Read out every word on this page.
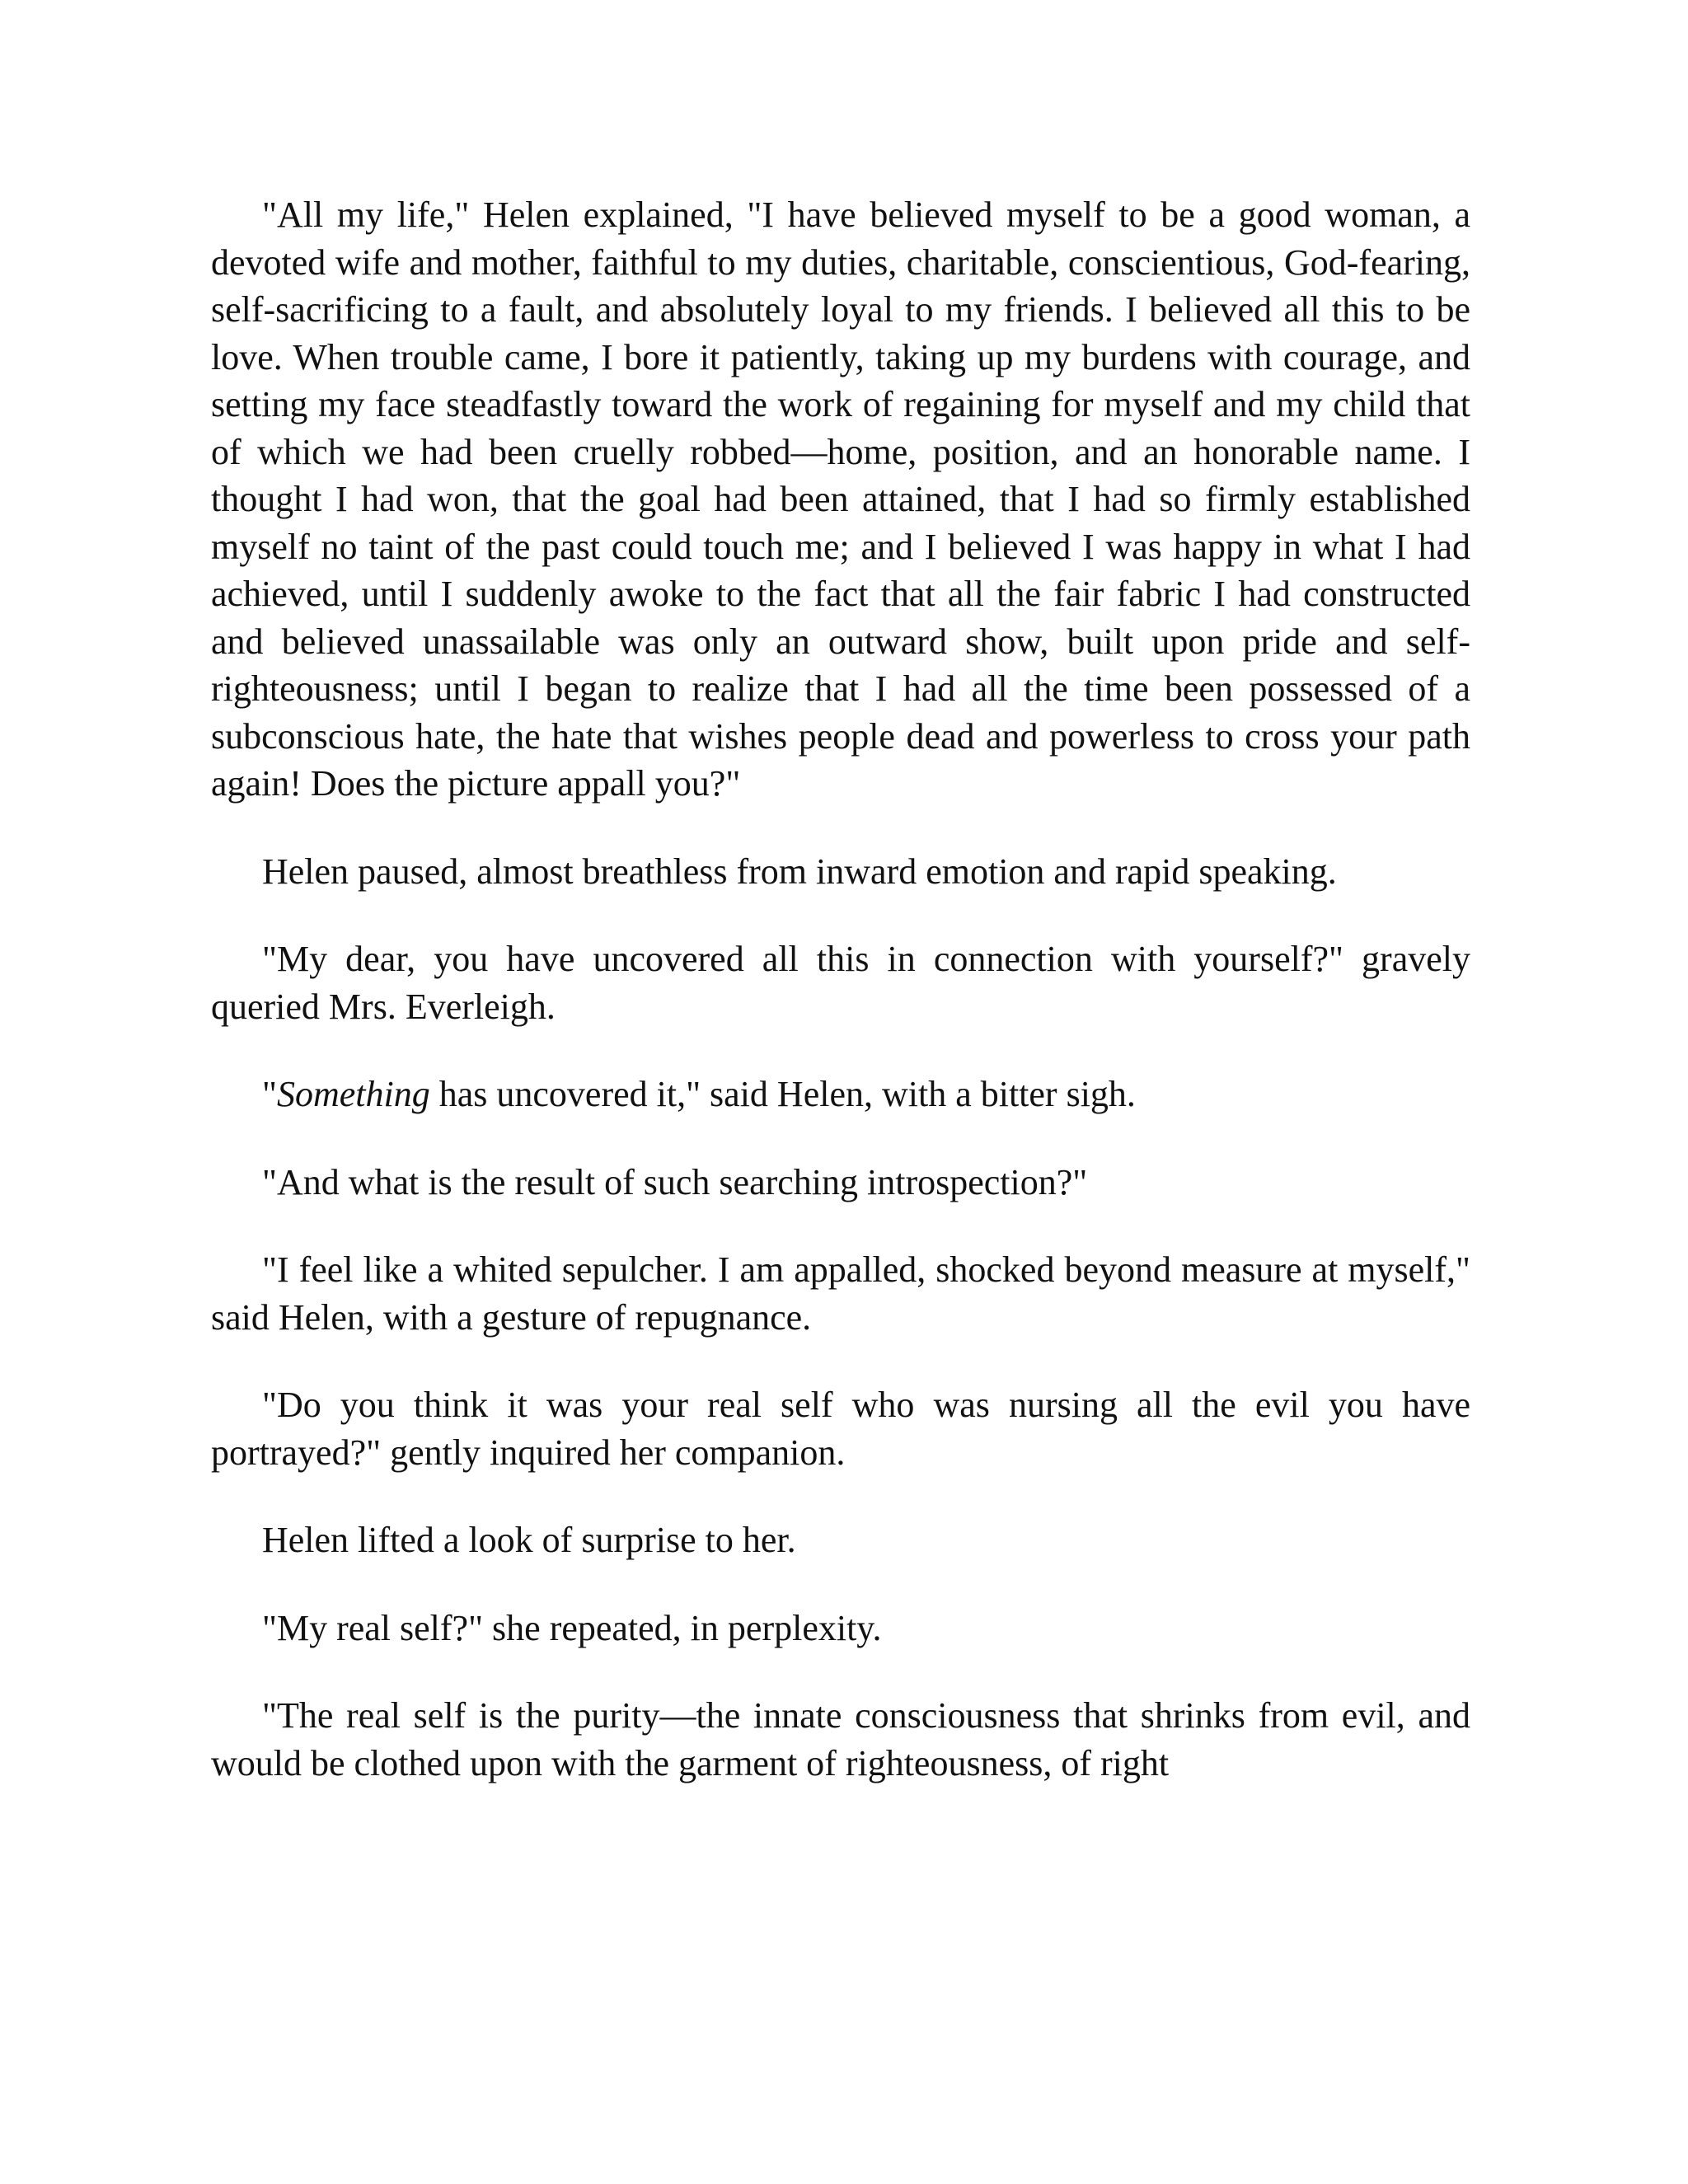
"All my life," Helen explained, "I have believed myself to be a good woman, a devoted wife and mother, faithful to my duties, charitable, conscientious, God-fearing, self-sacrificing to a fault, and absolutely loyal to my friends. I believed all this to be love. When trouble came, I bore it patiently, taking up my burdens with courage, and setting my face steadfastly toward the work of regaining for myself and my child that of which we had been cruelly robbed—home, position, and an honorable name. I thought I had won, that the goal had been attained, that I had so firmly established myself no taint of the past could touch me; and I believed I was happy in what I had achieved, until I suddenly awoke to the fact that all the fair fabric I had constructed and believed unassailable was only an outward show, built upon pride and self-righteousness; until I began to realize that I had all the time been possessed of a subconscious hate, the hate that wishes people dead and powerless to cross your path again! Does the picture appall you?"

Helen paused, almost breathless from inward emotion and rapid speaking.

"My dear, you have uncovered all this in connection with yourself?" gravely queried Mrs. Everleigh.

"Something has uncovered it," said Helen, with a bitter sigh.

"And what is the result of such searching introspection?"

"I feel like a whited sepulcher. I am appalled, shocked beyond measure at myself," said Helen, with a gesture of repugnance.

"Do you think it was your real self who was nursing all the evil you have portrayed?" gently inquired her companion.

Helen lifted a look of surprise to her.

"My real self?" she repeated, in perplexity.

"The real self is the purity—the innate consciousness that shrinks from evil, and would be clothed upon with the garment of righteousness, of right
